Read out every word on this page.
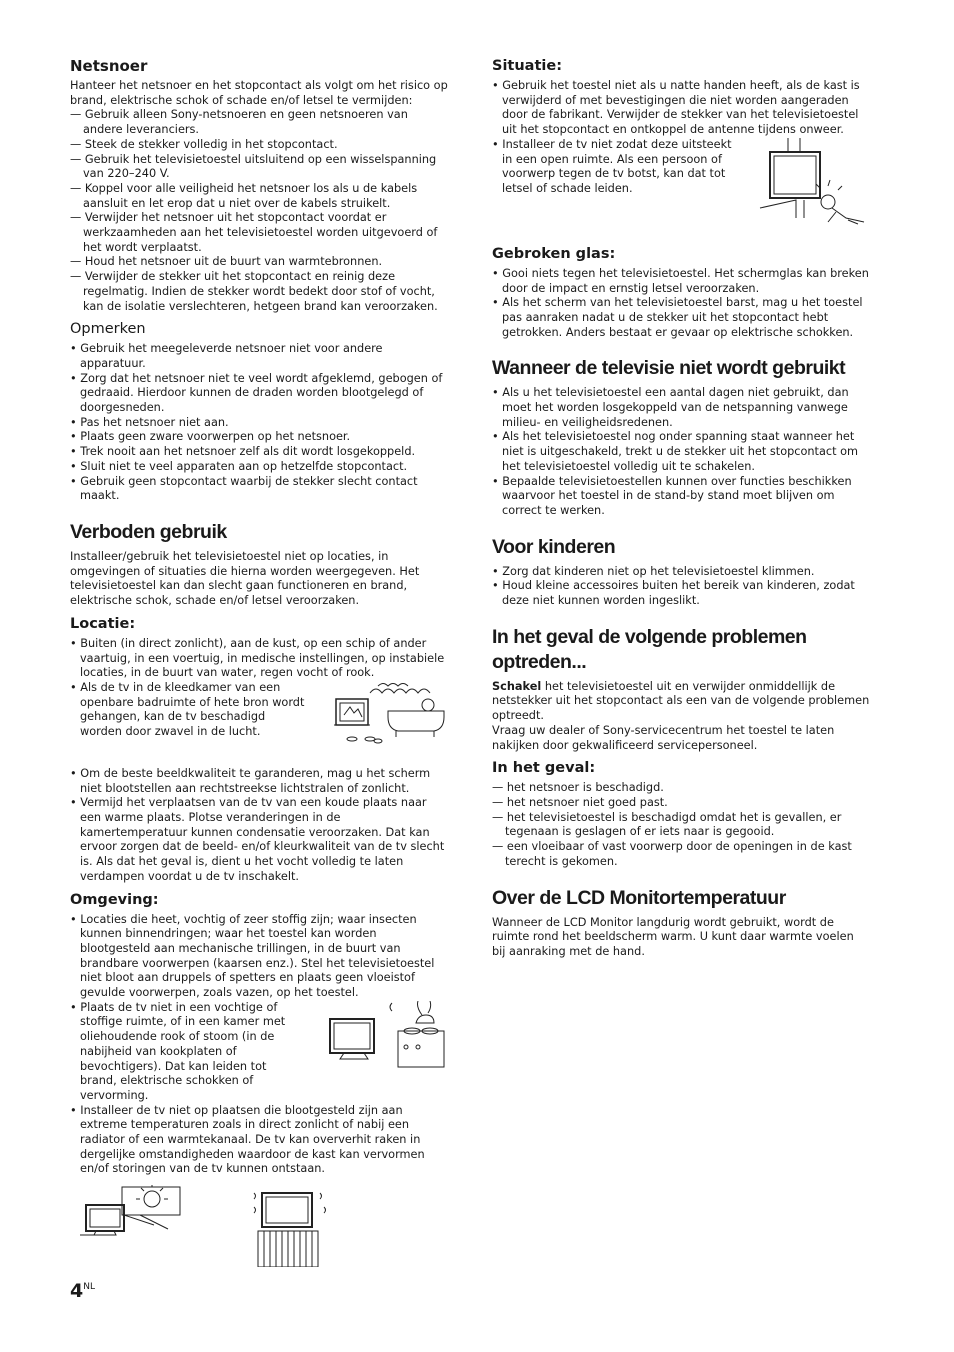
Netsnoer

Hanteer het netsnoer en het stopcontact als volgt om het risico op brand, elektrische schok of schade en/of letsel te vermijden:

— Gebruik alleen Sony-netsnoeren en geen netsnoeren van andere leveranciers.
— Steek de stekker volledig in het stopcontact.
— Gebruik het televisietoestel uitsluitend op een wisselspanning van 220–240 V.
— Koppel voor alle veiligheid het netsnoer los als u de kabels aansluit en let erop dat u niet over de kabels struikelt.
— Verwijder het netsnoer uit het stopcontact voordat er werkzaamheden aan het televisietoestel worden uitgevoerd of het wordt verplaatst.
— Houd het netsnoer uit de buurt van warmtebronnen.
— Verwijder de stekker uit het stopcontact en reinig deze regelmatig. Indien de stekker wordt bedekt door stof of vocht, kan de isolatie verslechteren, hetgeen brand kan veroorzaken.
Opmerken
• Gebruik het meegeleverde netsnoer niet voor andere apparatuur.
• Zorg dat het netsnoer niet te veel wordt afgeklemd, gebogen of gedraaid. Hierdoor kunnen de draden worden blootgelegd of doorgesneden.
• Pas het netsnoer niet aan.
• Plaats geen zware voorwerpen op het netsnoer.
• Trek nooit aan het netsnoer zelf als dit wordt losgekoppeld.
• Sluit niet te veel apparaten aan op hetzelfde stopcontact.
• Gebruik geen stopcontact waarbij de stekker slecht contact maakt.
Verboden gebruik

Installeer/gebruik het televisietoestel niet op locaties, in omgevingen of situaties die hierna worden weergegeven. Het televisietoestel kan dan slecht gaan functioneren en brand, elektrische schok, schade en/of letsel veroorzaken.

Locatie:
• Buiten (in direct zonlicht), aan de kust, op een schip of ander vaartuig, in een voertuig, in medische instellingen, op instabiele locaties, in de buurt van water, regen vocht of rook.
• Als de tv in de kleedkamer van een openbare badruimte of hete bron wordt gehangen, kan de tv beschadigd worden door zwavel in de lucht.
• Om de beste beeldkwaliteit te garanderen, mag u het scherm niet blootstellen aan rechtstreekse lichtstralen of zonlicht.
• Vermijd het verplaatsen van de tv van een koude plaats naar een warme plaats. Plotse veranderingen in de kamertemperatuur kunnen condensatie veroorzaken. Dat kan ervoor zorgen dat de beeld- en/of kleurkwaliteit van de tv slecht is. Als dat het geval is, dient u het vocht volledig te laten verdampen voordat u de tv inschakelt.
Omgeving:
• Locaties die heet, vochtig of zeer stoffig zijn; waar insecten kunnen binnendringen; waar het toestel kan worden blootgesteld aan mechanische trillingen, in de buurt van brandbare voorwerpen (kaarsen enz.). Stel het televisietoestel niet bloot aan druppels of spetters en plaats geen vloeistof gevulde voorwerpen, zoals vazen, op het toestel.
• Plaats de tv niet in een vochtige of stoffige ruimte, of in een kamer met oliehoudende rook of stoom (in de nabijheid van kookplaten of bevochtigers). Dat kan leiden tot brand, elektrische schokken of vervorming.
• Installeer de tv niet op plaatsen die blootgesteld zijn aan extreme temperaturen zoals in direct zonlicht of nabij een radiator of een warmtekanaal. De tv kan oververhit raken in dergelijke omstandigheden waardoor de kast kan vervormen en/of storingen van de tv kunnen ontstaan.
Situatie:
• Gebruik het toestel niet als u natte handen heeft, als de kast is verwijderd of met bevestigingen die niet worden aangeraden door de fabrikant. Verwijder de stekker van het televisietoestel uit het stopcontact en ontkoppel de antenne tijdens onweer.
• Installeer de tv niet zodat deze uitsteekt in een open ruimte. Als een persoon of voorwerp tegen de tv botst, kan dat tot letsel of schade leiden.
Gebroken glas:
• Gooi niets tegen het televisietoestel. Het schermglas kan breken door de impact en ernstig letsel veroorzaken.
• Als het scherm van het televisietoestel barst, mag u het toestel pas aanraken nadat u de stekker uit het stopcontact hebt getrokken. Anders bestaat er gevaar op elektrische schokken.
Wanneer de televisie niet wordt gebruikt
• Als u het televisietoestel een aantal dagen niet gebruikt, dan moet het worden losgekoppeld van de netspanning vanwege milieu- en veiligheidsredenen.
• Als het televisietoestel nog onder spanning staat wanneer het niet is uitgeschakeld, trekt u de stekker uit het stopcontact om het televisietoestel volledig uit te schakelen.
• Bepaalde televisietoestellen kunnen over functies beschikken waarvoor het toestel in de stand-by stand moet blijven om correct te werken.
Voor kinderen
• Zorg dat kinderen niet op het televisietoestel klimmen.
• Houd kleine accessoires buiten het bereik van kinderen, zodat deze niet kunnen worden ingeslikt.
In het geval de volgende problemen optreden...

Schakel het televisietoestel uit en verwijder onmiddellijk de netstekker uit het stopcontact als een van de volgende problemen optreedt.

Vraag uw dealer of Sony-servicecentrum het toestel te laten nakijken door gekwalificeerd servicepersoneel.

In het geval:
— het netsnoer is beschadigd.
— het netsnoer niet goed past.
— het televisietoestel is beschadigd omdat het is gevallen, er tegenaan is geslagen of er iets naar is gegooid.
— een vloeibaar of vast voorwerp door de openingen in de kast terecht is gekomen.
Over de LCD Monitortemperatuur

Wanneer de LCD Monitor langdurig wordt gebruikt, wordt de ruimte rond het beeldscherm warm. U kunt daar warmte voelen bij aanraking met de hand.

$4^{NL}$
